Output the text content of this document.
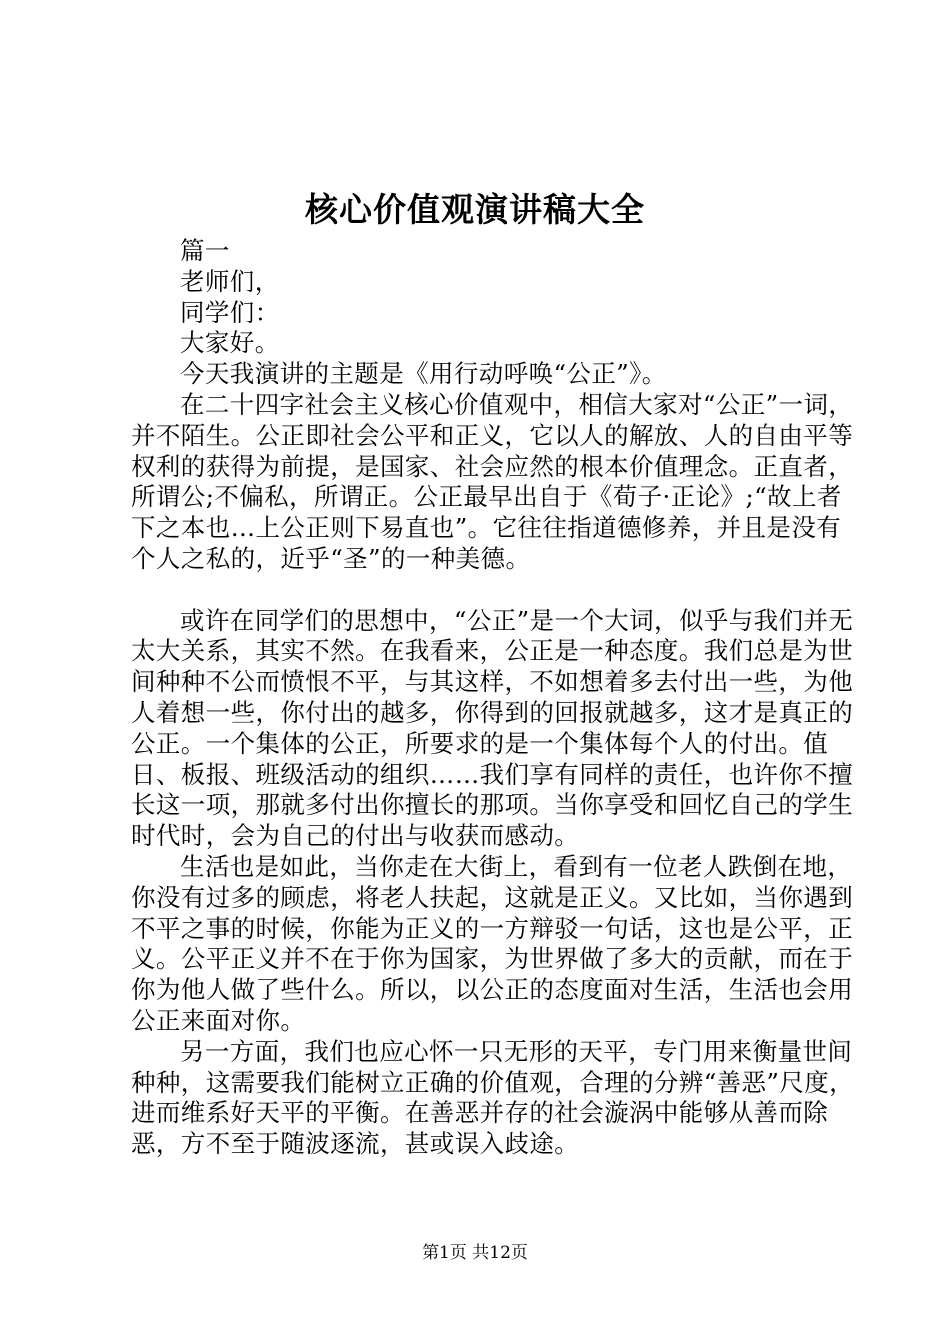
核心价值观演讲稿大全

篇一

老师们，

同学们：

大家好。

今天我演讲的主题是《用行动呼唤“公正”》。

在二十四字社会主义核心价值观中，相信大家对“公正”一词，并不陌生。公正即社会公平和正义，它以人的解放、人的自由平等权利的获得为前提，是国家、社会应然的根本价值理念。正直者，所谓公;不偏私，所谓正。公正最早出自于《荀子·正论》;“故上者下之本也…上公正则下易直也”。它往往指道德修养，并且是没有个人之私的，近乎“圣”的一种美德。

或许在同学们的思想中，“公正”是一个大词，似乎与我们并无太大关系，其实不然。在我看来，公正是一种态度。我们总是为世间种种不公而愤恨不平，与其这样，不如想着多去付出一些，为他人着想一些，你付出的越多，你得到的回报就越多，这才是真正的公正。一个集体的公正，所要求的是一个集体每个人的付出。值日、板报、班级活动的组织……我们享有同样的责任，也许你不擅长这一项，那就多付出你擅长的那项。当你享受和回忆自己的学生时代时，会为自己的付出与收获而感动。

生活也是如此，当你走在大街上，看到有一位老人跌倒在地，你没有过多的顾虑，将老人扶起，这就是正义。又比如，当你遇到不平之事的时候，你能为正义的一方辩驳一句话，这也是公平，正义。公平正义并不在于你为国家，为世界做了多大的贡献，而在于你为他人做了些什么。所以，以公正的态度面对生活，生活也会用公正来面对你。

另一方面，我们也应心怀一只无形的天平，专门用来衡量世间种种，这需要我们能树立正确的价值观，合理的分辨“善恶”尺度，进而维系好天平的平衡。在善恶并存的社会漩涡中能够从善而除恶，方不至于随波逐流，甚或误入歧途。

第1页 共12页
